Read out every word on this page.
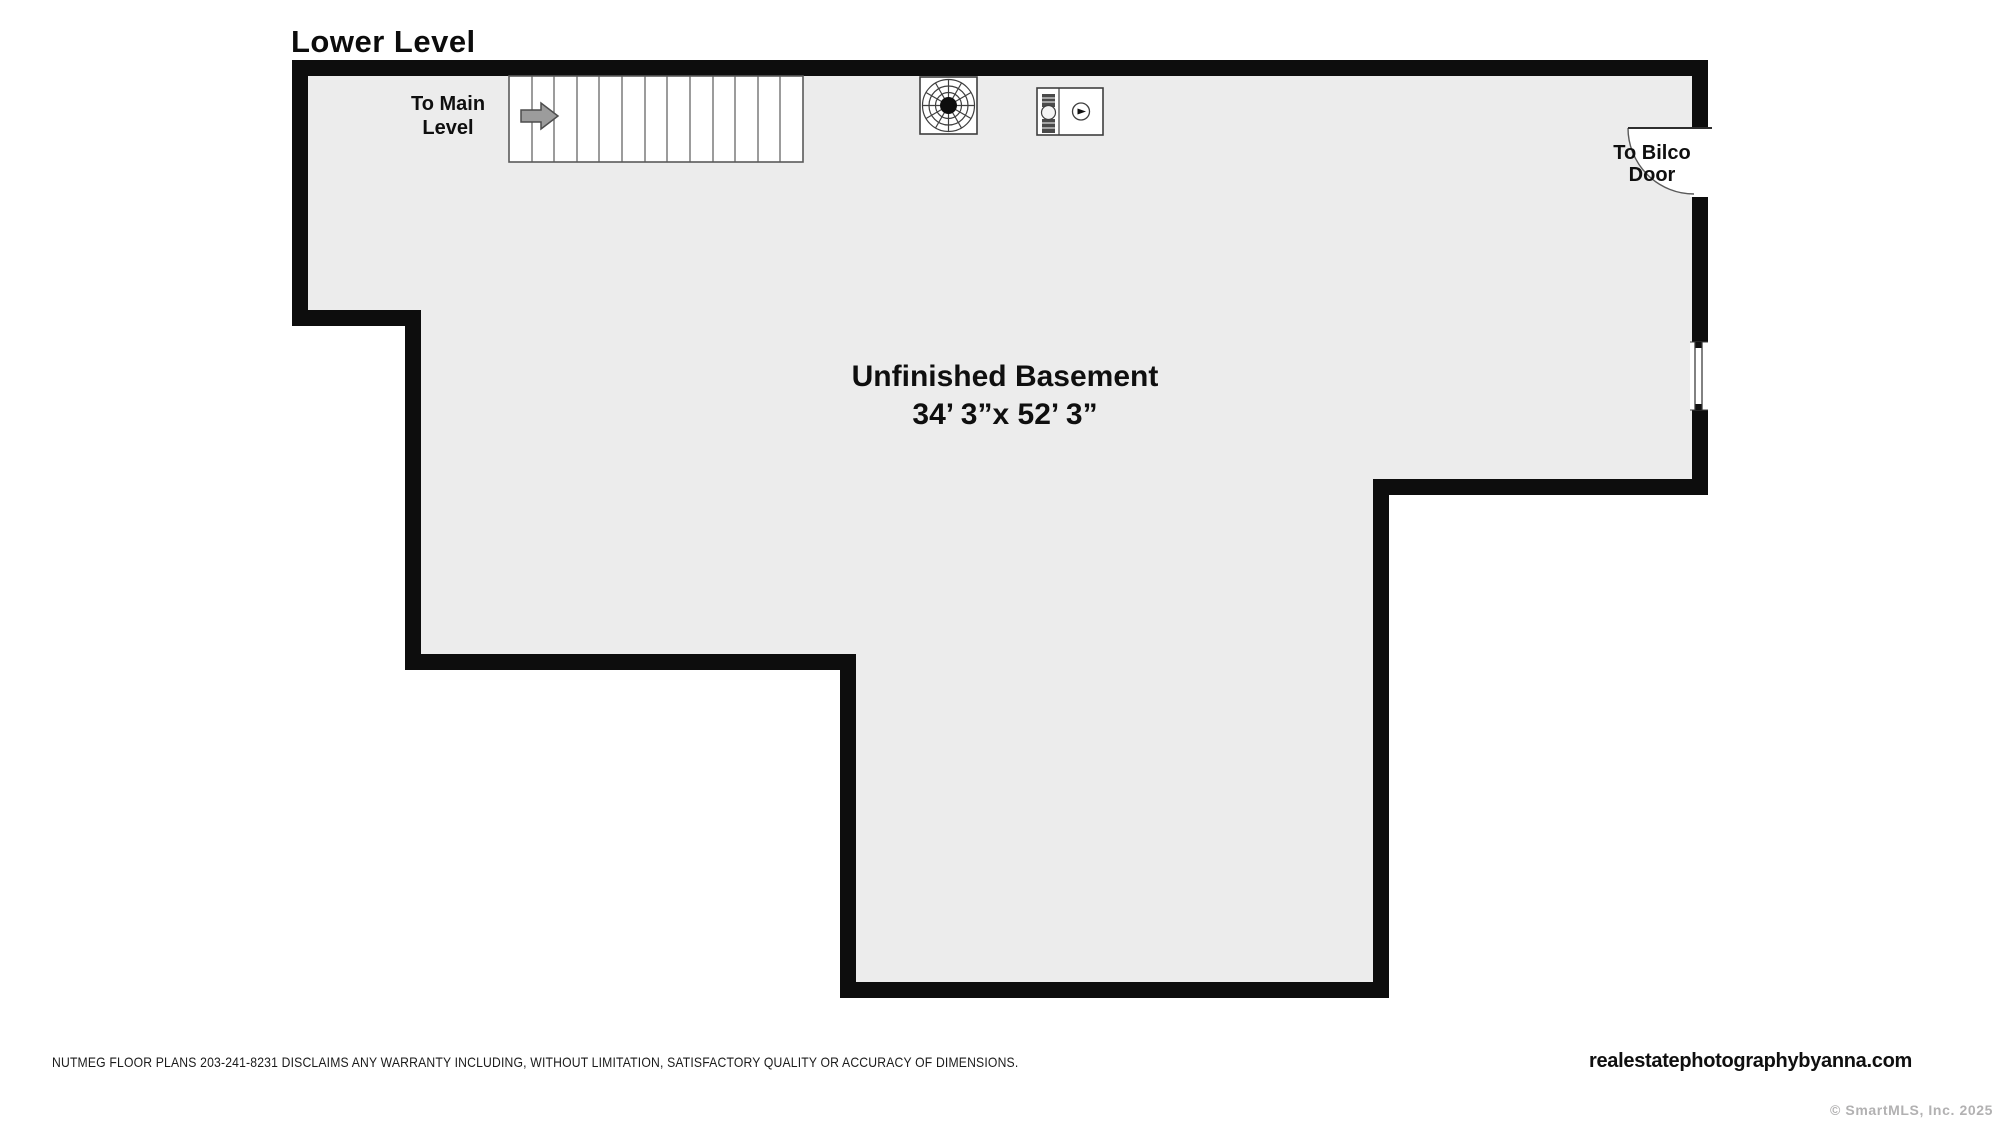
Lower Level
To Main
Level
To Bilco
Door
Unfinished Basement
34’ 3”x 52’ 3”
NUTMEG FLOOR PLANS 203-241-8231 DISCLAIMS ANY WARRANTY INCLUDING, WITHOUT LIMITATION, SATISFACTORY QUALITY OR ACCURACY OF DIMENSIONS.	realestatephotographybyanna.com
© SmartMLS, Inc. 2025
